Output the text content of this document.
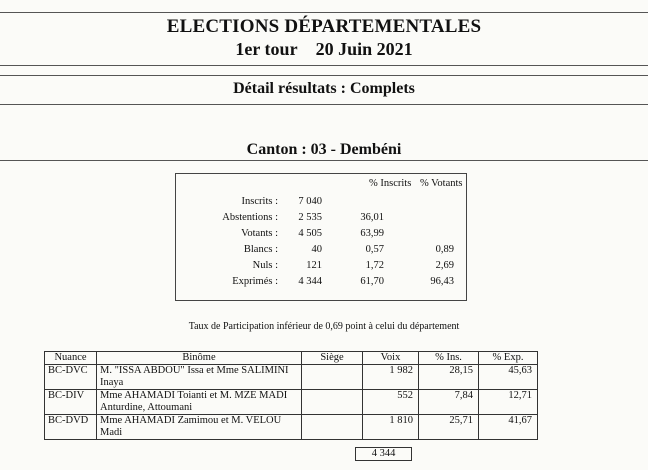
ELECTIONS DÉPARTEMENTALES
1er tour 20 Juin 2021
Détail résultats : Complets
Canton : 03 - Dembéni
% Inscrits % Votants
Inscrits : 7 040
Abstentions : 2 535	36,01
Votants : 4 505	63,99
Blancs :	40	0,57	0,89
Nuls :	121	1,72	2,69
Exprimés : 4 344	61,70	96,43
Taux de Participation inférieur de 0,69 point à celui du département
Nuance	Binôme	Siège	Voix	% Ins.	% Exp.
BC-DVC	M. "ISSA ABDOU" Issa et Mme SALIMINI Inaya		1 982	28,15	45,63
BC-DIV	Mme AHAMADI Toianti et M. MZE MADI Anturdine, Attoumani		552	7,84	12,71
BC-DVD	Mme AHAMADI Zamimou et M. VELOU Madi		1 810	25,71	41,67
4 344
